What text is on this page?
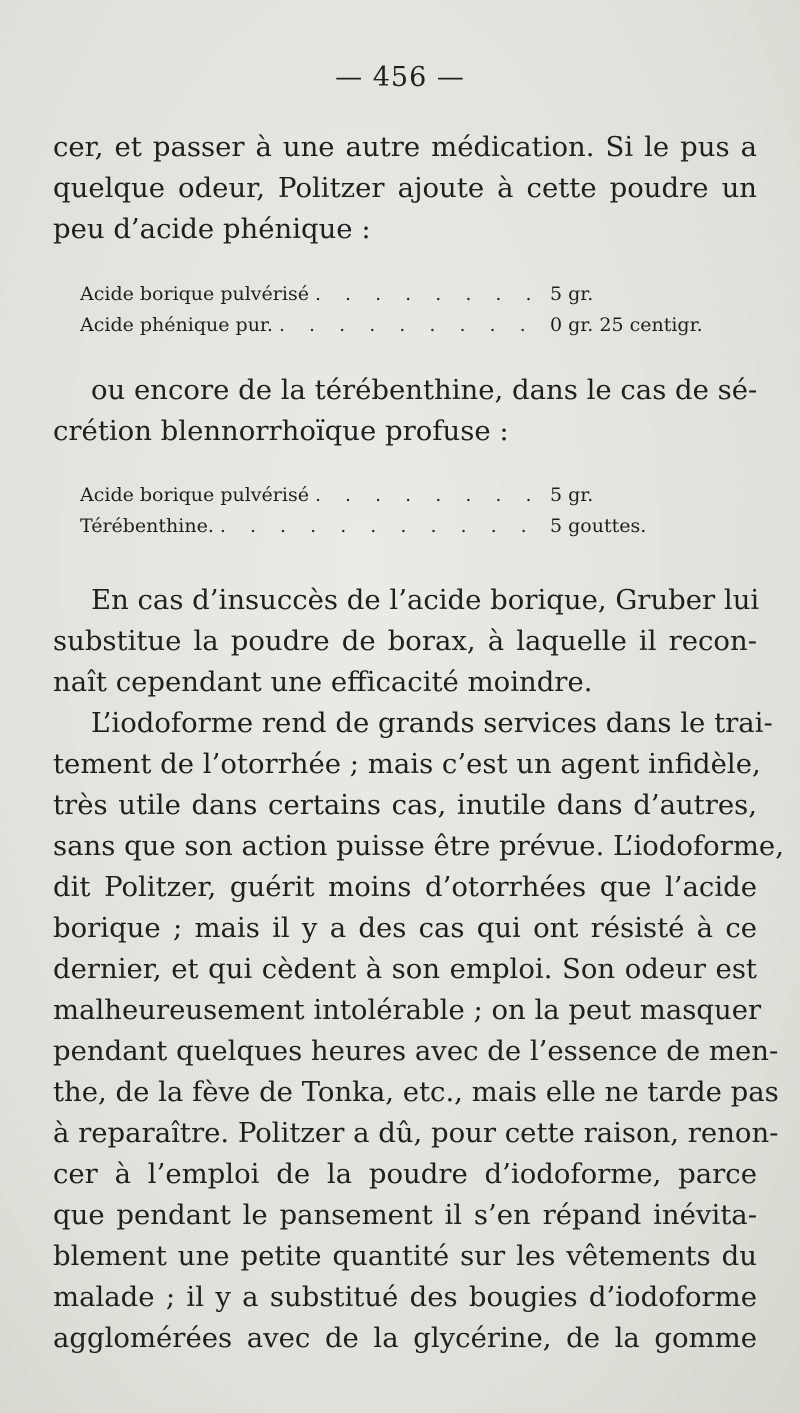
— 456 —
cer, et passer à une autre médication. Si le pus a
quelque odeur, Politzer ajoute à cette poudre un
peu d’acide phénique :
Acide borique pulvérisé . . .	5 gr.
Acide phénique pur. . . .	0 gr. 25 centigr.
ou encore de la térébenthine, dans le cas de sé-
crétion blennorrhoïque profuse :
Acide borique pulvérisé . . .	5 gr.
Térébenthine. . . .	5 gouttes.
En cas d’insuccès de l’acide borique, Gruber lui
substitue la poudre de borax, à laquelle il recon-
naît cependant une efficacité moindre.
L’iodoforme rend de grands services dans le trai-
tement de l’otorrhée ; mais c’est un agent infidèle,
très utile dans certains cas, inutile dans d’autres,
sans que son action puisse être prévue. L’iodoforme,
dit Politzer, guérit moins d’otorrhées que l’acide
borique ; mais il y a des cas qui ont résisté à ce
dernier, et qui cèdent à son emploi. Son odeur est
malheureusement intolérable ; on la peut masquer
pendant quelques heures avec de l’essence de men-
the, de la fève de Tonka, etc., mais elle ne tarde pas
à reparaître. Politzer a dû, pour cette raison, renon-
cer à l’emploi de la poudre d’iodoforme, parce
que pendant le pansement il s’en répand inévita-
blement une petite quantité sur les vêtements du
malade ; il y a substitué des bougies d’iodoforme
agglomérées avec de la glycérine, de la gomme
